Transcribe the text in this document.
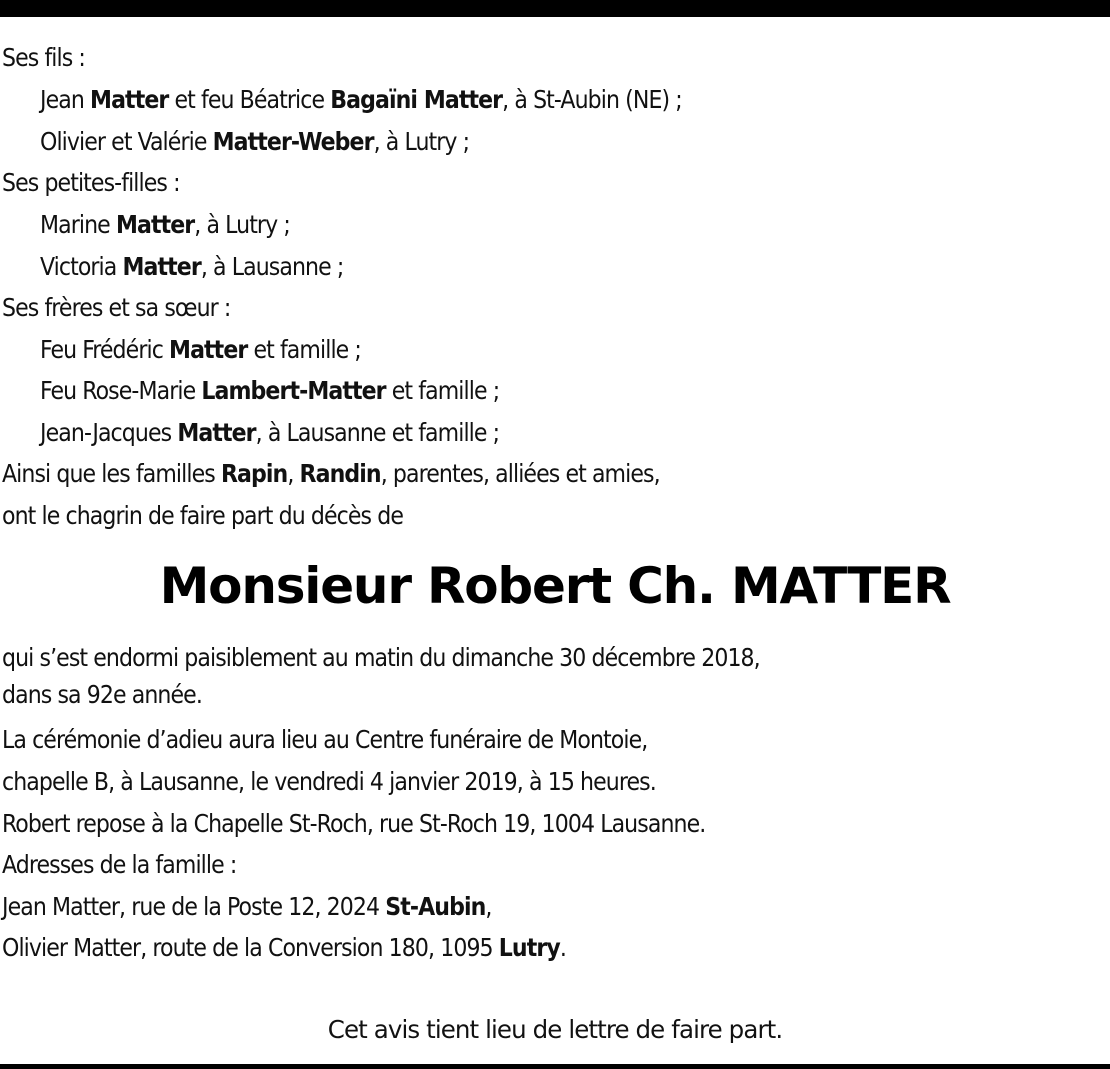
Ses fils :
Jean Matter et feu Béatrice Bagaïni Matter, à St-Aubin (NE) ;
Olivier et Valérie Matter-Weber, à Lutry ;
Ses petites-filles :
Marine Matter, à Lutry ;
Victoria Matter, à Lausanne ;
Ses frères et sa sœur :
Feu Frédéric Matter et famille ;
Feu Rose-Marie Lambert-Matter et famille ;
Jean-Jacques Matter, à Lausanne et famille ;
Ainsi que les familles Rapin, Randin, parentes, alliées et amies,
ont le chagrin de faire part du décès de
Monsieur Robert Ch. MATTER
qui s’est endormi paisiblement au matin du dimanche 30 décembre 2018,
dans sa 92e année.
La cérémonie d’adieu aura lieu au Centre funéraire de Montoie,
chapelle B, à Lausanne, le vendredi 4 janvier 2019, à 15 heures.
Robert repose à la Chapelle St-Roch, rue St-Roch 19, 1004 Lausanne.
Adresses de la famille :
Jean Matter, rue de la Poste 12, 2024 St-Aubin,
Olivier Matter, route de la Conversion 180, 1095 Lutry.
Cet avis tient lieu de lettre de faire part.
